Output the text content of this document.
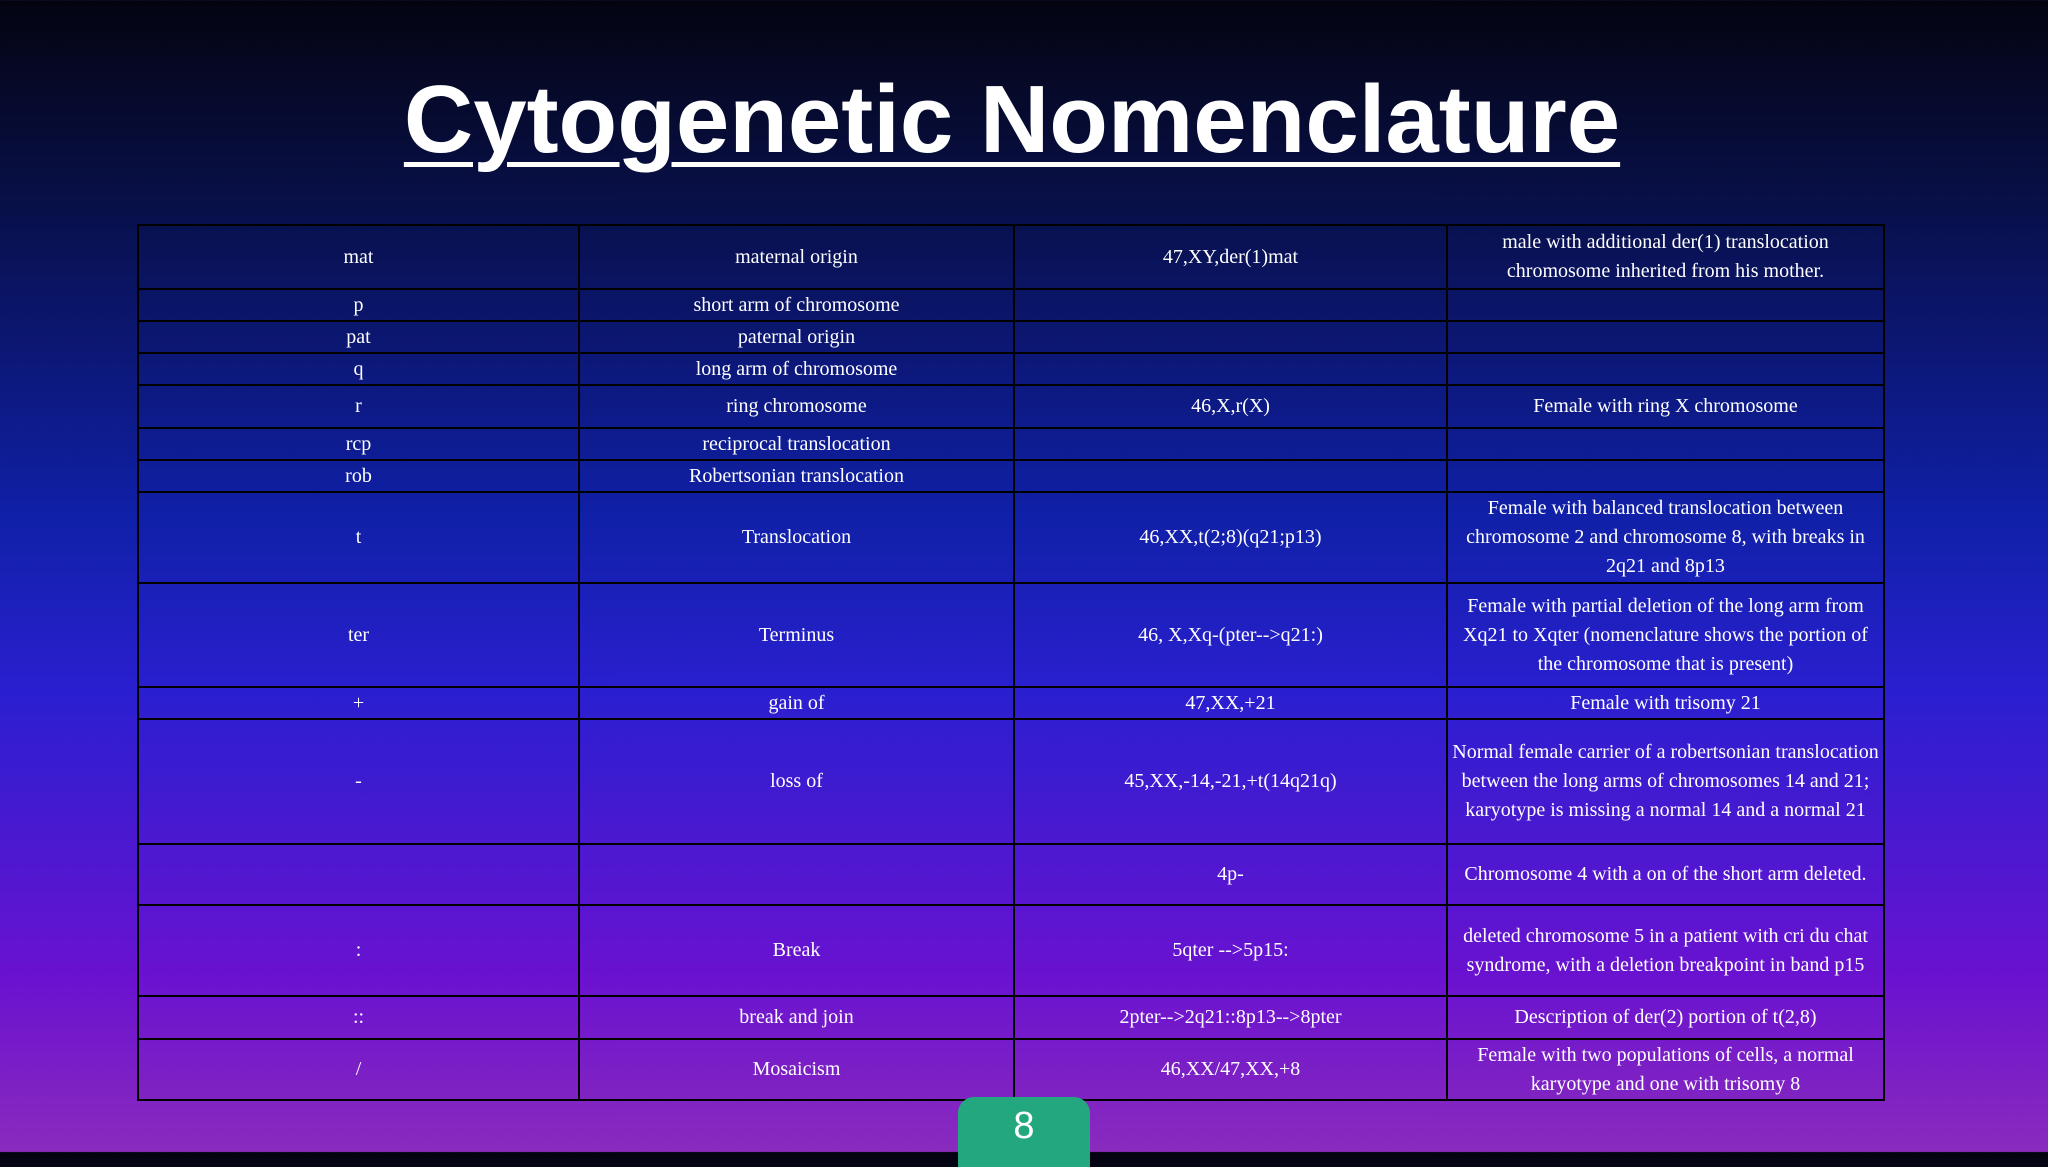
Cytogenetic Nomenclature
mat	maternal origin	47,XY,der(1)mat	male with additional der(1) translocation chromosome inherited from his mother.
p	short arm of chromosome		
pat	paternal origin		
q	long arm of chromosome		
r	ring chromosome	46,X,r(X)	Female with ring X chromosome
rcp	reciprocal translocation		
rob	Robertsonian translocation		
t	Translocation	46,XX,t(2;8)(q21;p13)	Female with balanced translocation between chromosome 2 and chromosome 8, with breaks in 2q21 and 8p13
ter	Terminus	46, X,Xq-(pter-->q21:)	Female with partial deletion of the long arm from Xq21 to Xqter (nomenclature shows the portion of the chromosome that is present)
+	gain of	47,XX,+21	Female with trisomy 21
-	loss of	45,XX,-14,-21,+t(14q21q)	Normal female carrier of a robertsonian translocation between the long arms of chromosomes 14 and 21; karyotype is missing a normal 14 and a normal 21
		4p-	Chromosome 4 with a on of the short arm deleted.
:	Break	5qter -->5p15:	deleted chromosome 5 in a patient with cri du chat syndrome, with a deletion breakpoint in band p15
::	break and join	2pter-->2q21::8p13-->8pter	Description of der(2) portion of t(2,8)
/	Mosaicism	46,XX/47,XX,+8	Female with two populations of cells, a normal karyotype and one with trisomy 8
8
